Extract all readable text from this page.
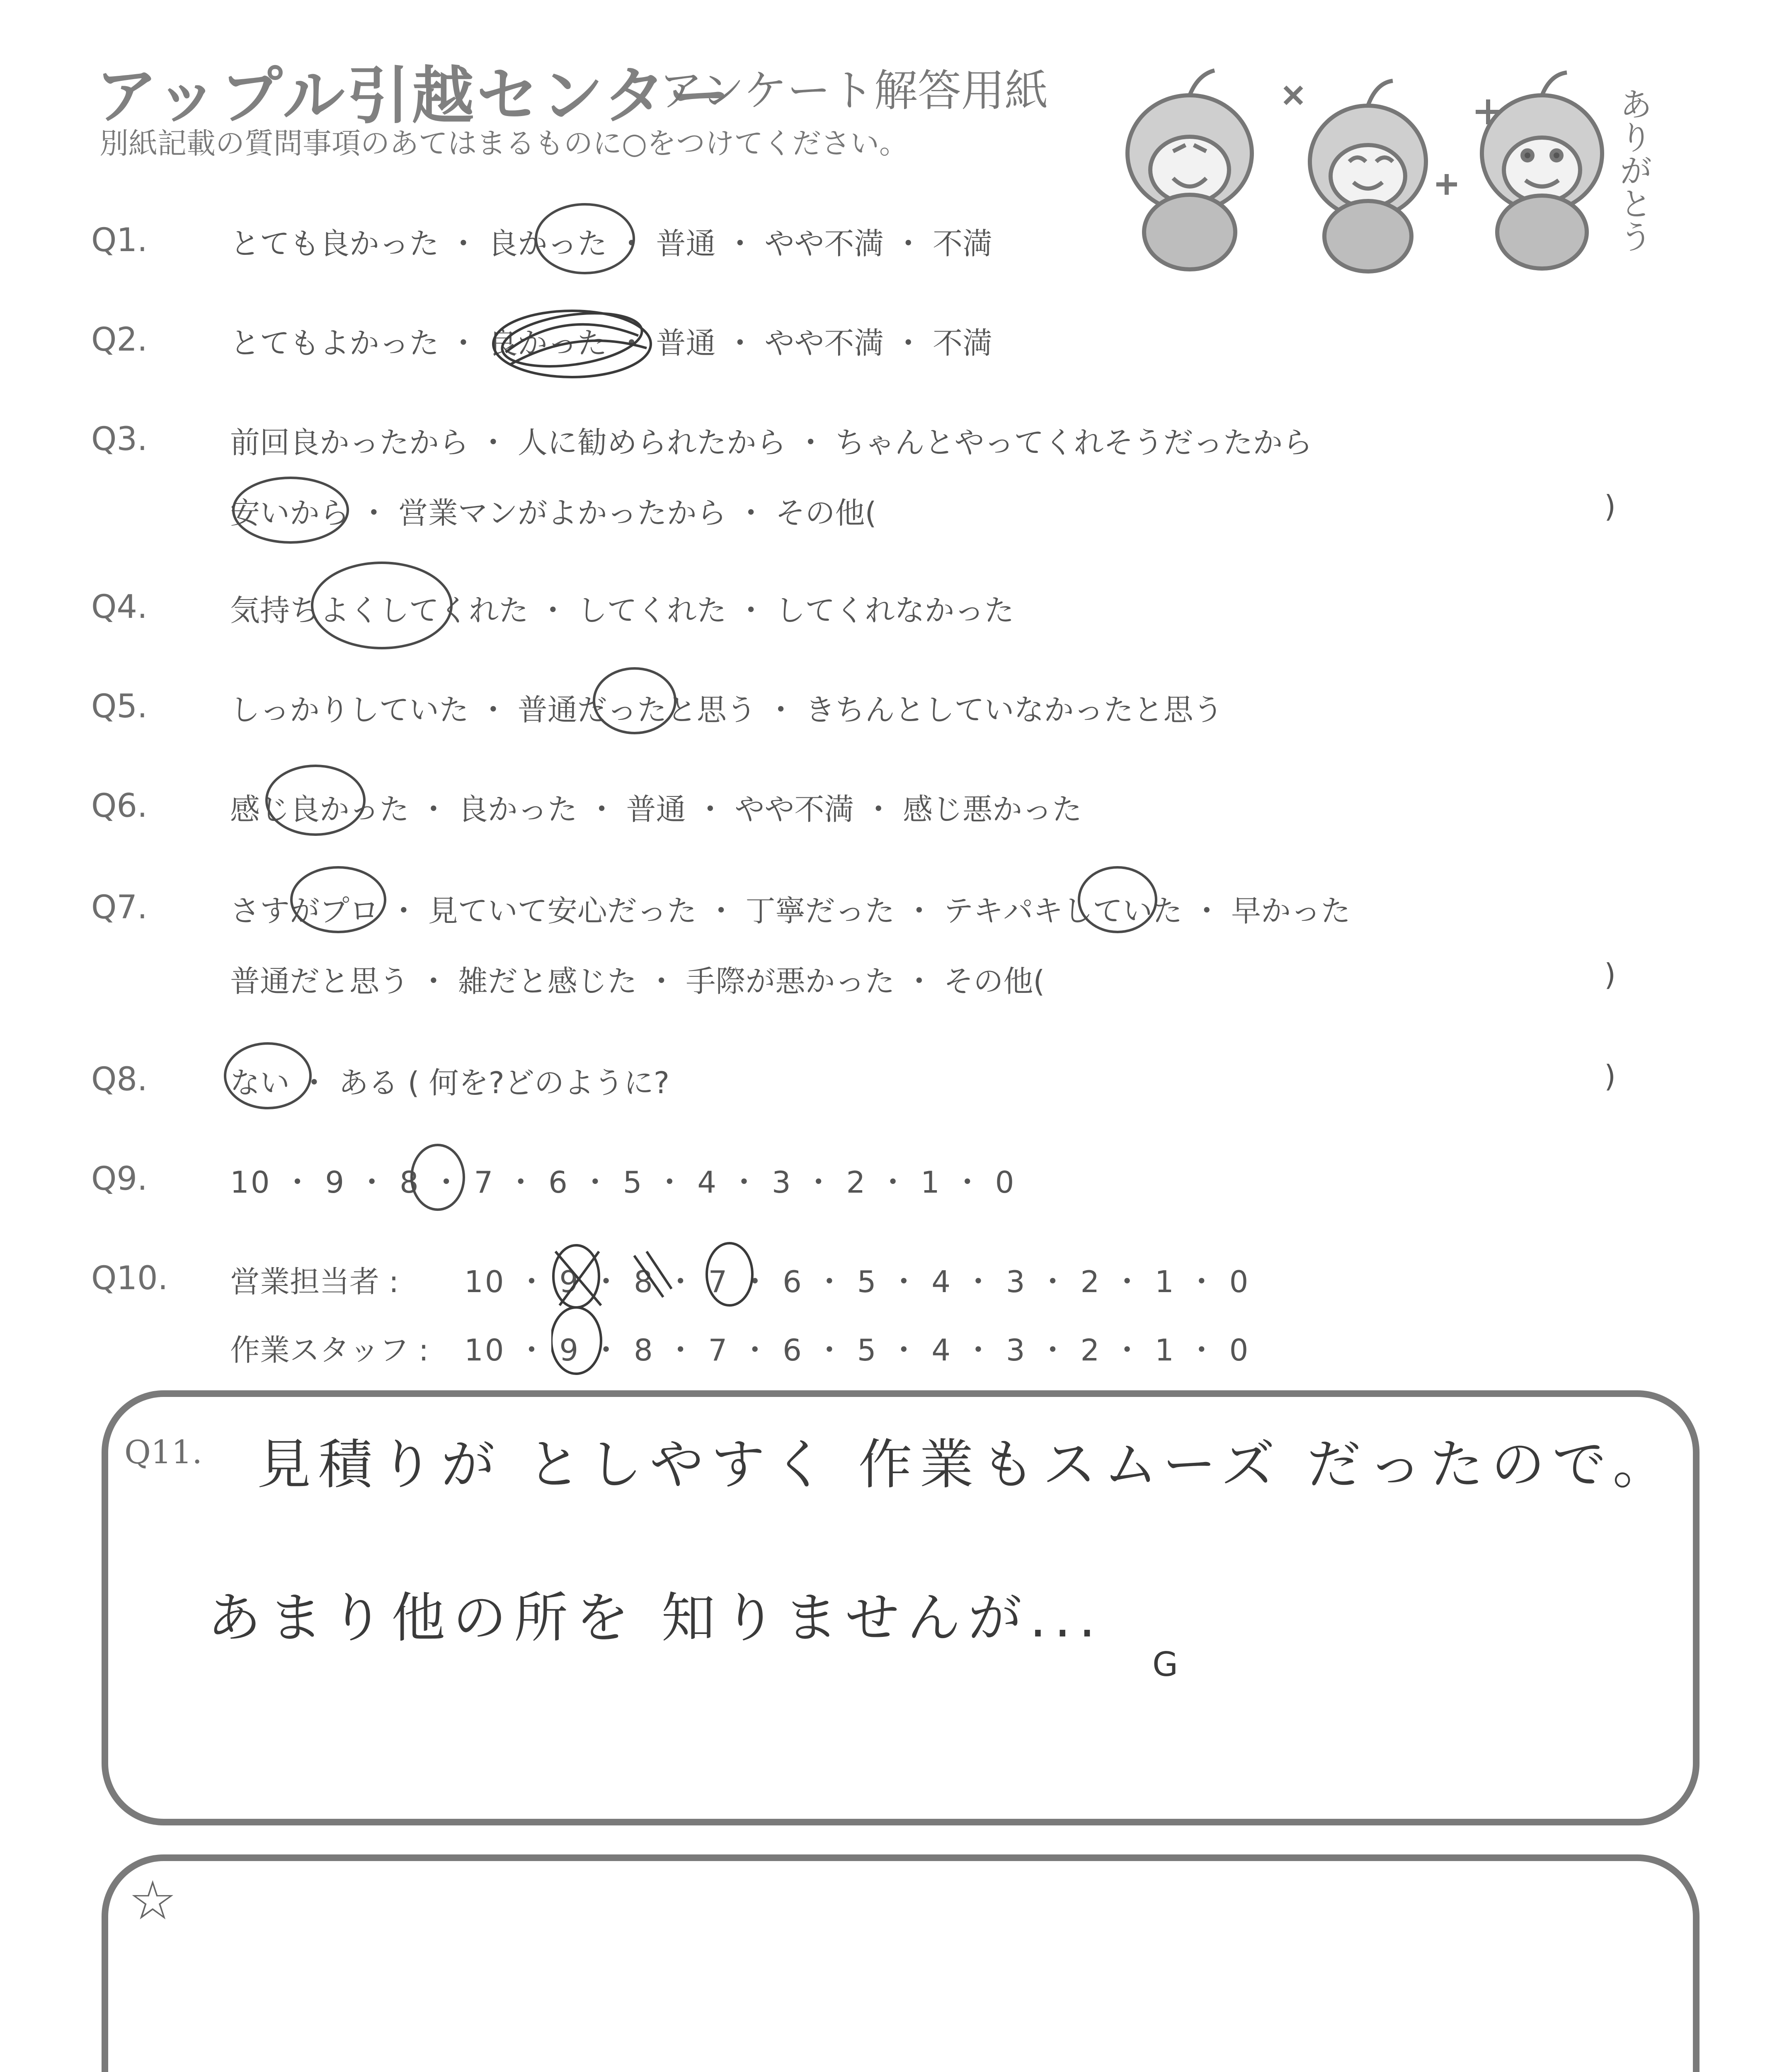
アップル引越センター
アンケート解答用紙
別紙記載の質問事項のあてはまるものに○をつけてください。	ありがとう
Q1.	とても良かった ・ 良かった ・ 普通 ・ やや不満 ・ 不満
Q2.	とてもよかった ・ 良かった ・ 普通 ・ やや不満 ・ 不満
Q3.	前回良かったから ・ 人に勧められたから ・ ちゃんとやってくれそうだったから
安いから ・ 営業マンがよかったから ・ その他(	)
Q4.	気持ちよくしてくれた ・ してくれた ・ してくれなかった
Q5.	しっかりしていた ・ 普通だったと思う ・ きちんとしていなかったと思う
Q6.	感じ良かった ・ 良かった ・ 普通 ・ やや不満 ・ 感じ悪かった
Q7.	さすがプロ ・ 見ていて安心だった ・ 丁寧だった ・ テキパキしていた ・ 早かった
普通だと思う ・ 雑だと感じた ・ 手際が悪かった ・ その他(	)
Q8.	ない ・ ある ( 何を?どのように?	)
Q9.	10 ・ 9 ・ 8 ・ 7 ・ 6 ・ 5 ・ 4 ・ 3 ・ 2 ・ 1 ・ 0
Q10. 営業担当者 : 10 ・ 9 ・ 8 ・ 7 ・ 6 ・ 5 ・ 4 ・ 3 ・ 2 ・ 1 ・ 0
作業スタッフ : 10 ・ 9 ・ 8 ・ 7 ・ 6 ・ 5 ・ 4 ・ 3 ・ 2 ・ 1 ・ 0
Q11. 見積りが としやすく 作業もスムーズ だったので。
あまり他の所を 知りませんが...
G
☆
